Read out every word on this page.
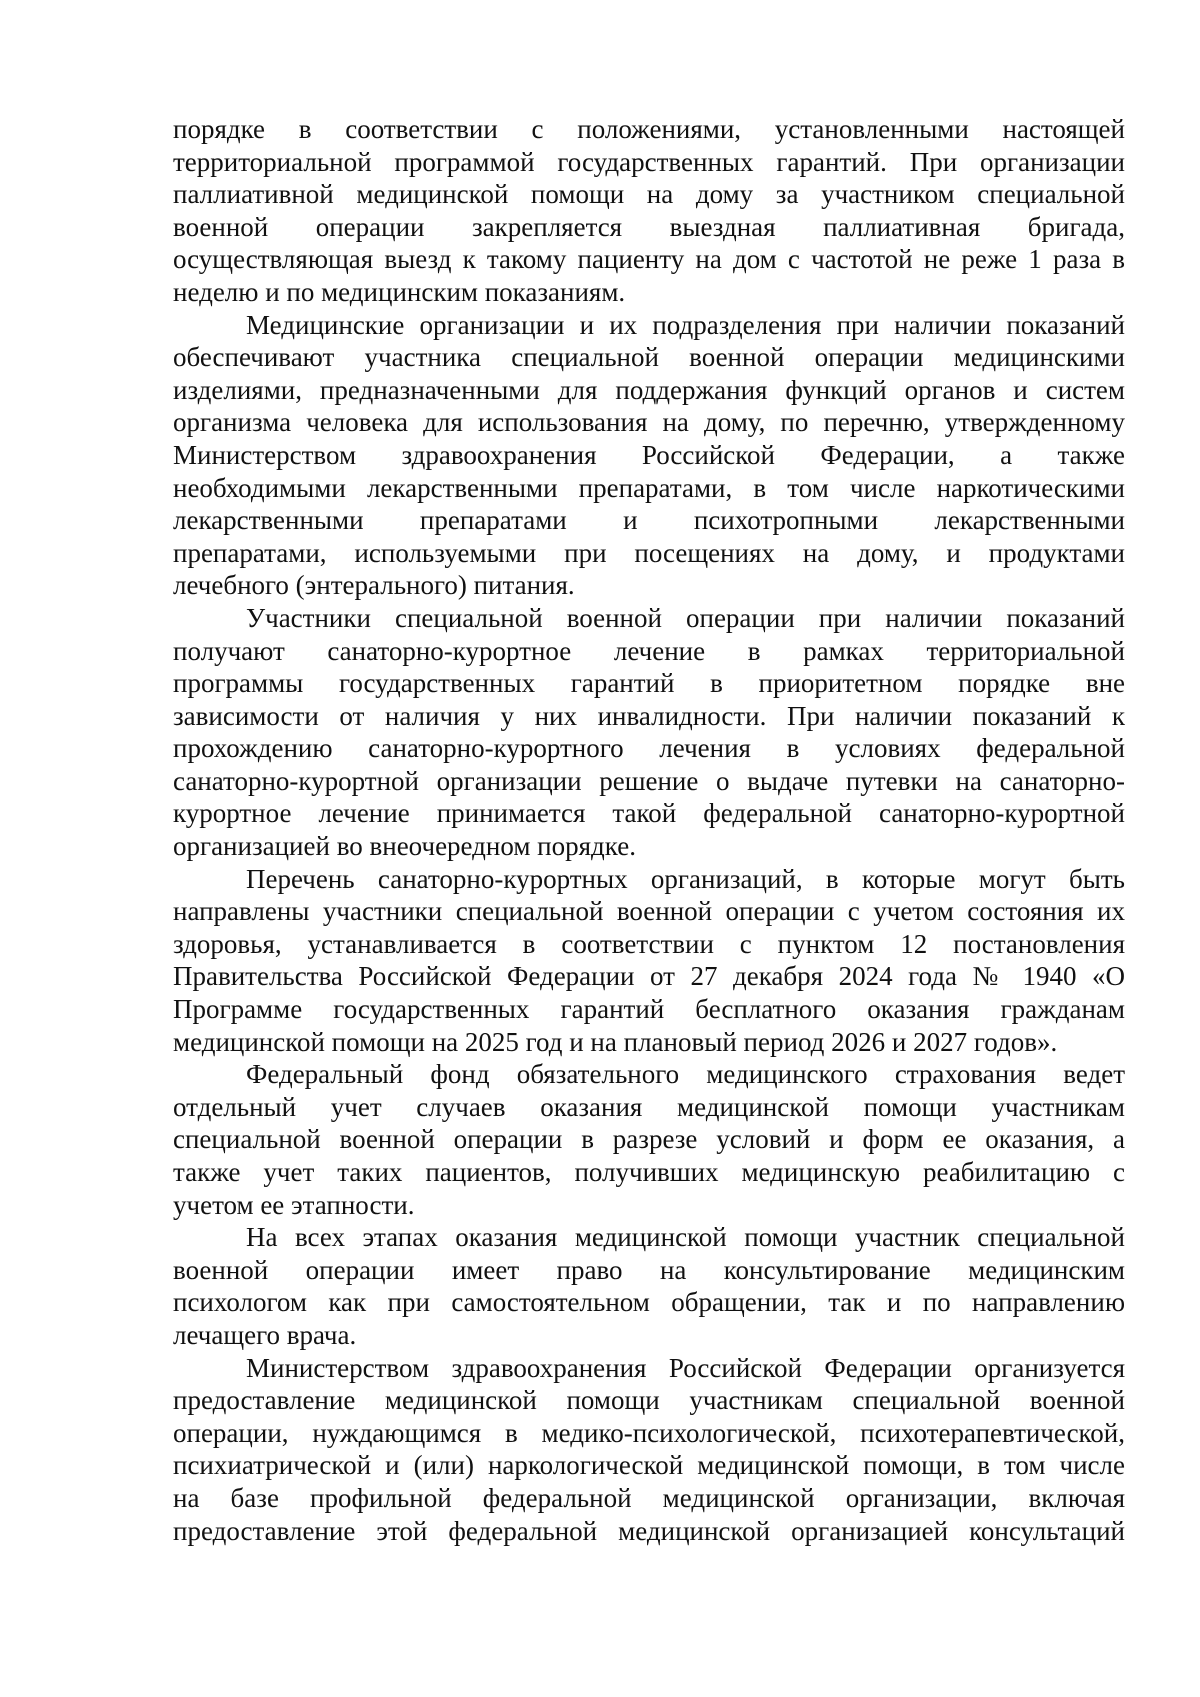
порядке в соответствии с положениями, установленными настоящей
территориальной программой государственных гарантий. При организации
паллиативной медицинской помощи на дому за участником специальной
военной операции закрепляется выездная паллиативная бригада,
осуществляющая выезд к такому пациенту на дом с частотой не реже 1 раза в
неделю и по медицинским показаниям.
Медицинские организации и их подразделения при наличии показаний
обеспечивают участника специальной военной операции медицинскими
изделиями, предназначенными для поддержания функций органов и систем
организма человека для использования на дому, по перечню, утвержденному
Министерством здравоохранения Российской Федерации, а также
необходимыми лекарственными препаратами, в том числе наркотическими
лекарственными препаратами и психотропными лекарственными
препаратами, используемыми при посещениях на дому, и продуктами
лечебного (энтерального) питания.
Участники специальной военной операции при наличии показаний
получают санаторно-курортное лечение в рамках территориальной
программы государственных гарантий в приоритетном порядке вне
зависимости от наличия у них инвалидности. При наличии показаний к
прохождению санаторно-курортного лечения в условиях федеральной
санаторно-курортной организации решение о выдаче путевки на санаторно-
курортное лечение принимается такой федеральной санаторно-курортной
организацией во внеочередном порядке.
Перечень санаторно-курортных организаций, в которые могут быть
направлены участники специальной военной операции с учетом состояния их
здоровья, устанавливается в соответствии с пунктом 12 постановления
Правительства Российской Федерации от 27 декабря 2024 года № 1940 «О
Программе государственных гарантий бесплатного оказания гражданам
медицинской помощи на 2025 год и на плановый период 2026 и 2027 годов».
Федеральный фонд обязательного медицинского страхования ведет
отдельный учет случаев оказания медицинской помощи участникам
специальной военной операции в разрезе условий и форм ее оказания, а
также учет таких пациентов, получивших медицинскую реабилитацию с
учетом ее этапности.
На всех этапах оказания медицинской помощи участник специальной
военной операции имеет право на консультирование медицинским
психологом как при самостоятельном обращении, так и по направлению
лечащего врача.
Министерством здравоохранения Российской Федерации организуется
предоставление медицинской помощи участникам специальной военной
операции, нуждающимся в медико-психологической, психотерапевтической,
психиатрической и (или) наркологической медицинской помощи, в том числе
на базе профильной федеральной медицинской организации, включая
предоставление этой федеральной медицинской организацией консультаций
